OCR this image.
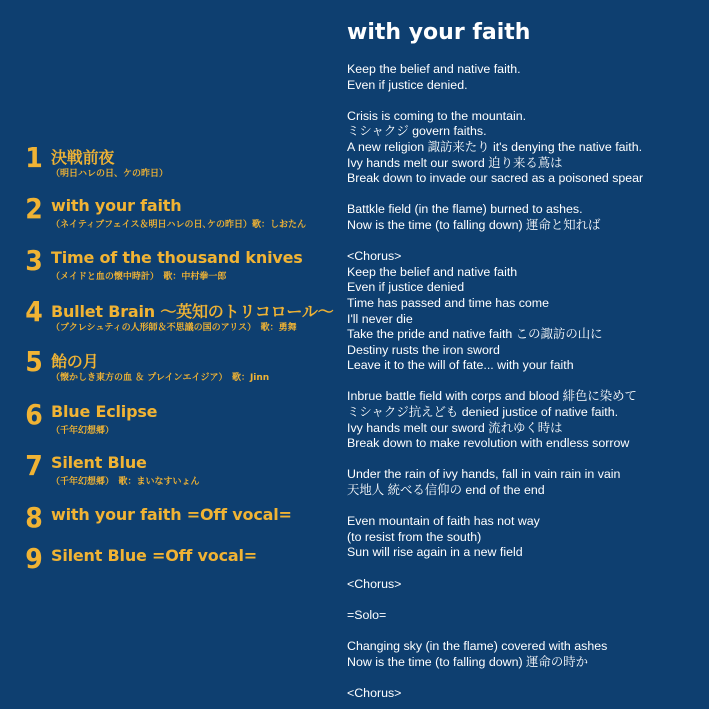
1 決戦前夜
（明日ハレの日、ケの昨日）
2 with your faith
（ネイティブフェイス＆明日ハレの日､ケの昨日）歌：しおたん
3 Time of the thousand knives
（メイドと血の懐中時計）　歌：中村拳一郎
4 Bullet Brain 〜英知のトリコロール〜
（ブクレシュティの人形師＆不思議の国のアリス）　歌：勇舞
5 飴の月
（懐かしき東方の血 ＆ プレインエイジア）　歌：Jinn
6 Blue Eclipse
（千年幻想郷）
7 Silent Blue
（千年幻想郷）　歌：まいなすいょん
8 with your faith =Off vocal=
9 Silent Blue =Off vocal=
with your faith
Keep the belief and native faith.
Even if justice denied.
Crisis is coming to the mountain.
ミシャクジ govern faiths.
A new religion 諏訪来たり it's denying the native faith.
Ivy hands melt our sword 迫り来る蔦は
Break down to invade our sacred as a poisoned spear
Battkle field (in the flame) burned to ashes.
Now is the time (to falling down) 運命と知れば
<Chorus>
Keep the belief and native faith
Even if justice denied
Time has passed and time has come
I'll never die
Take the pride and native faith この諏訪の山に
Destiny rusts the iron sword
Leave it to the will of fate... with your faith
Inbrue battle field with corps and blood 緋色に染めて
ミシャクジ抗えども denied justice of native faith.
Ivy hands melt our sword 流れゆく時は
Break down to make revolution with endless sorrow
Under the rain of ivy hands, fall in vain rain in vain
天地人 統べる信仰の end of the end
Even mountain of faith has not way
(to resist from the south)
Sun will rise again in a new field
<Chorus>
=Solo=
Changing sky (in the flame) covered with ashes
Now is the time (to falling down) 運命の時か
<Chorus>
